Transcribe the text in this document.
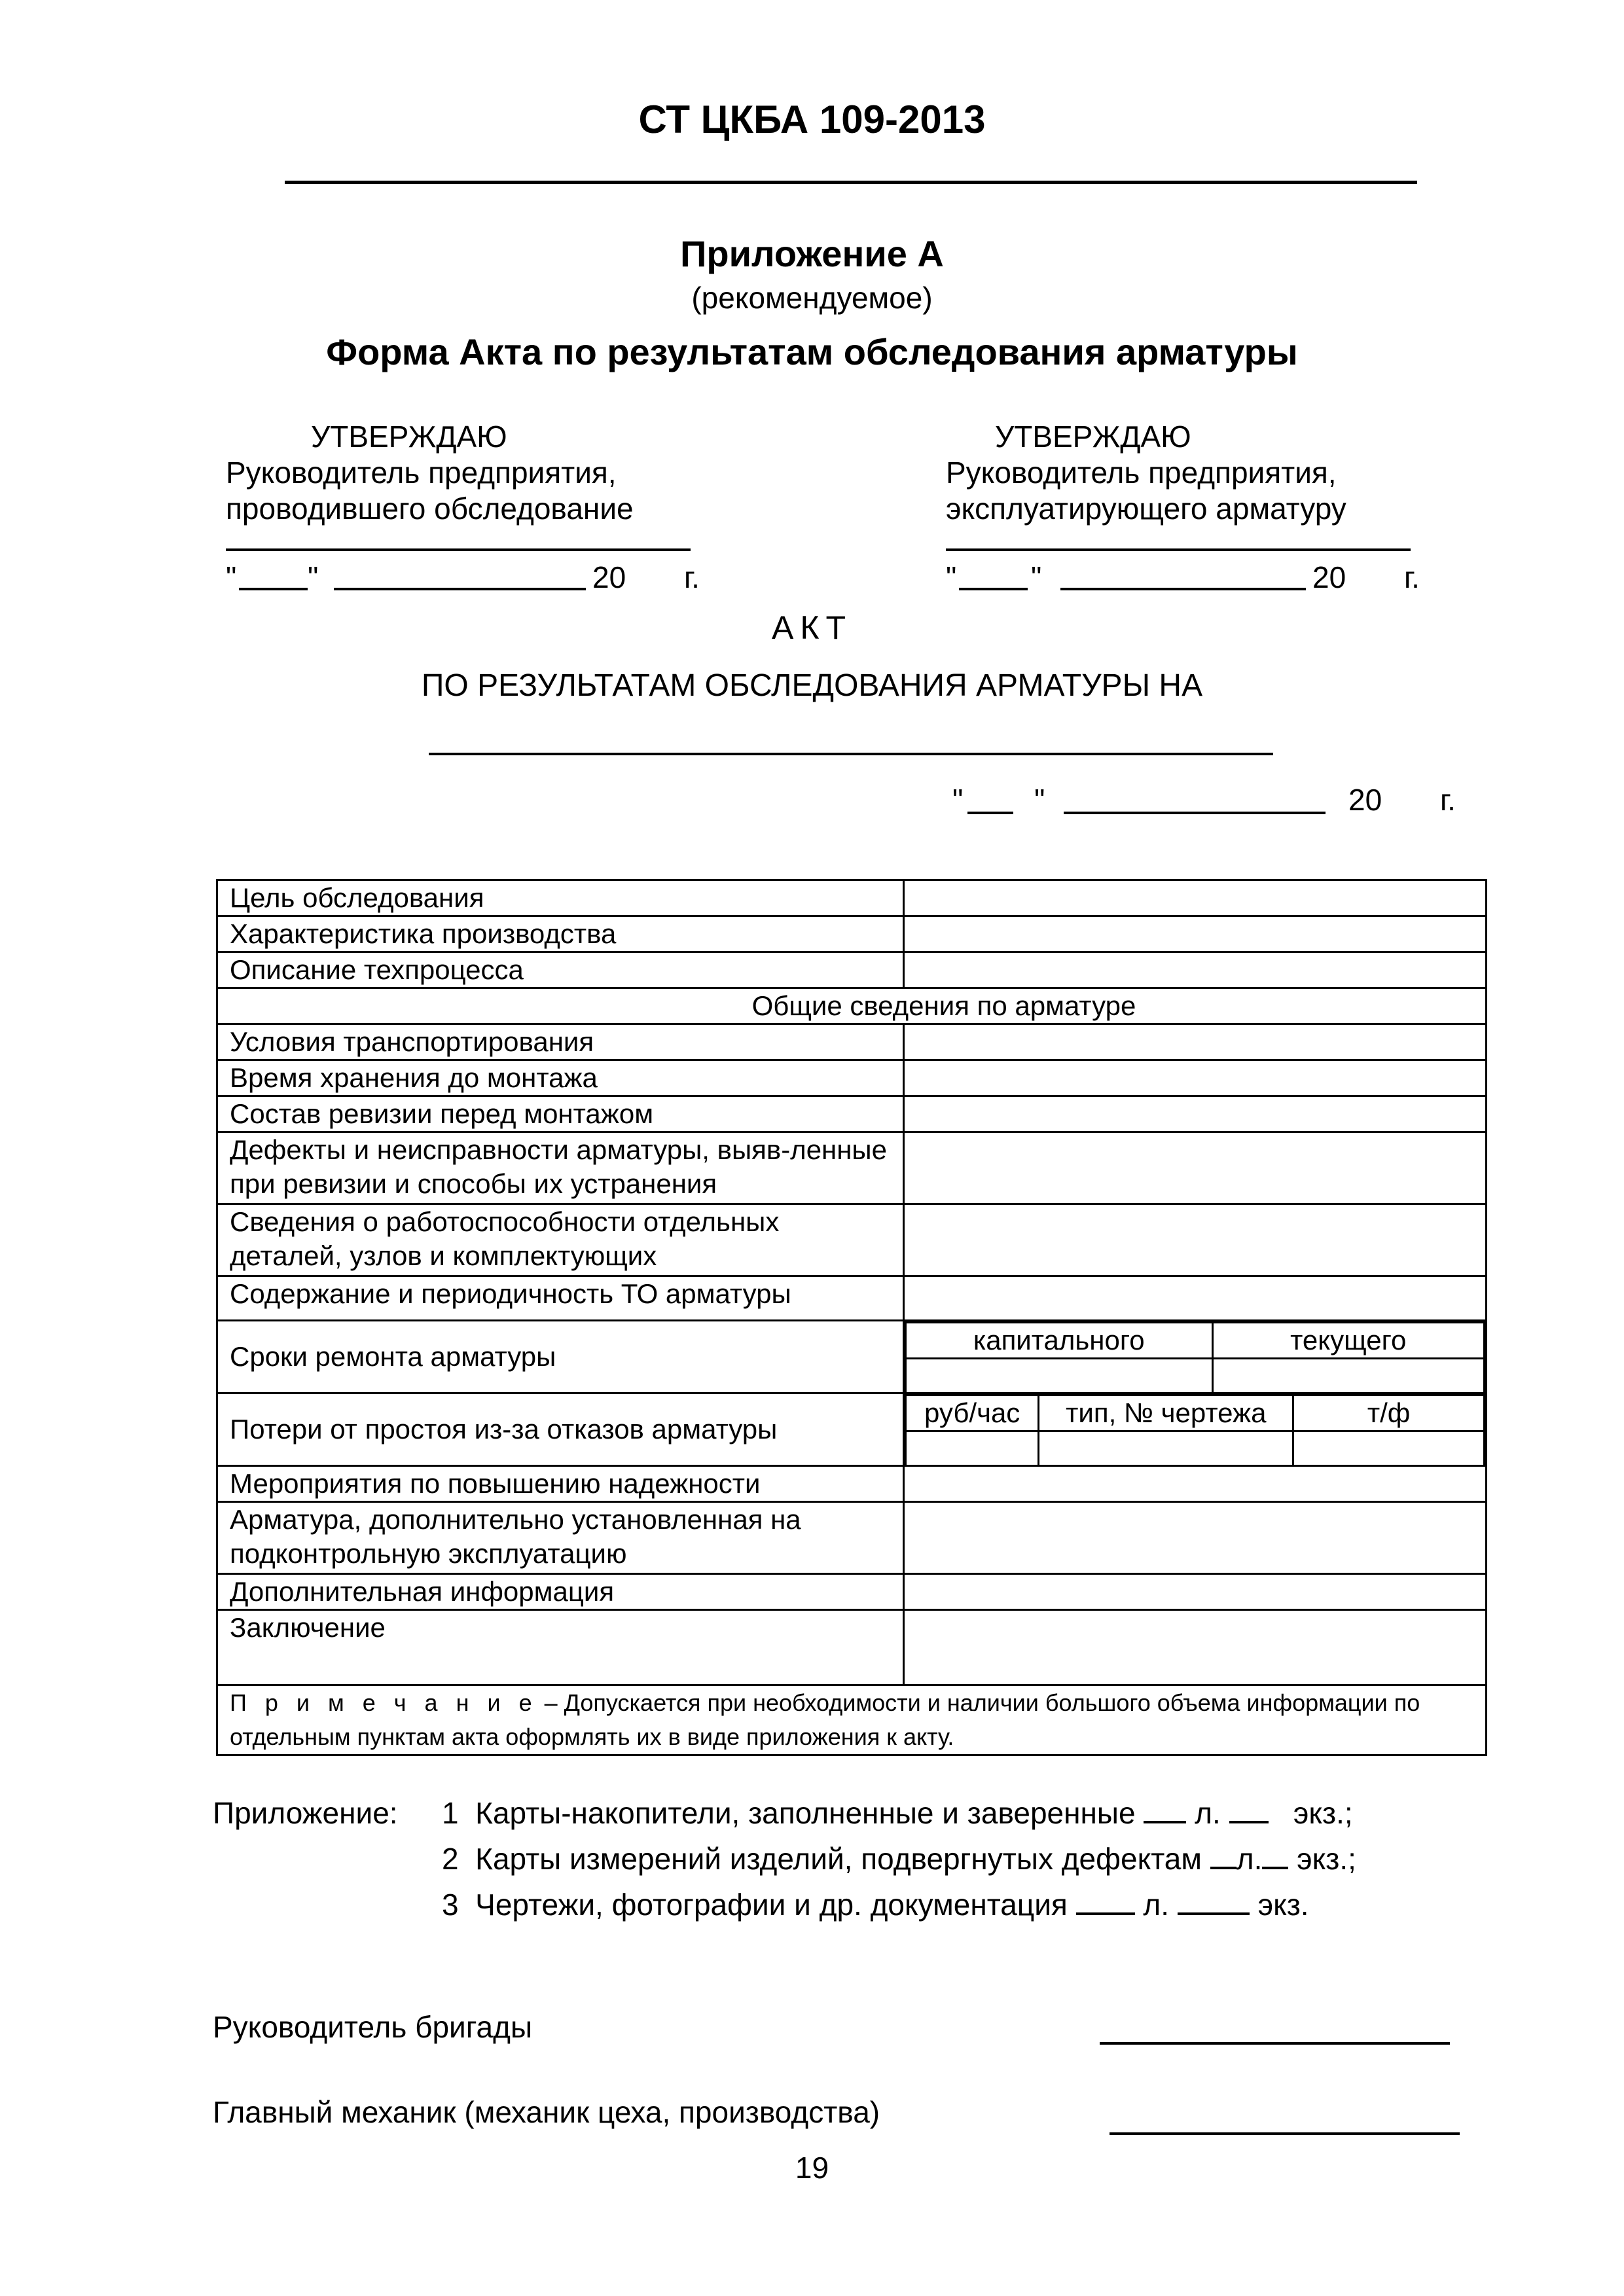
СТ ЦКБА 109-2013
Приложение А
(рекомендуемое)
Форма Акта по результатам обследования арматуры
УТВЕРЖДАЮ
Руководитель предприятия,
проводившего обследование
" "	20 г.
УТВЕРЖДАЮ
Руководитель предприятия,
эксплуатирующего арматуру
" "	20 г.
АКТ
ПО РЕЗУЛЬТАТАМ ОБСЛЕДОВАНИЯ АРМАТУРЫ НА
" "	20 г.
Цель обследования	
Характеристика производства	
Описание техпроцесса	
Общие сведения по арматуре
Условия транспортирования	
Время хранения до монтажа	
Состав ревизии перед монтажом	
Дефекты и неисправности арматуры, выяв-ленные при ревизии и способы их устранения	
Сведения о работоспособности отдельных деталей, узлов и комплектующих	
Содержание и периодичность ТО арматуры	
Сроки ремонта арматуры	
капитального	текущего

Потери от простоя из-за отказов арматуры	
руб/час	тип, № чертежа	т/ф

Мероприятия по повышению надежности	
Арматура, дополнительно установленная на подконтрольную эксплуатацию	
Дополнительная информация	
Заключение	
П р и м е ч а н и е – Допускается при необходимости и наличии большого объема информации по отдельным пунктам акта оформлять их в виде приложения к акту.
Приложение: 1 Карты-накопители, заполненные и заверенные л. экз.;
2 Карты измерений изделий, подвергнутых дефектам л. экз.;
3 Чертежи, фотографии и др. документация	л.	экз.
Руководитель бригады
Главный механик (механик цеха, производства)
19
